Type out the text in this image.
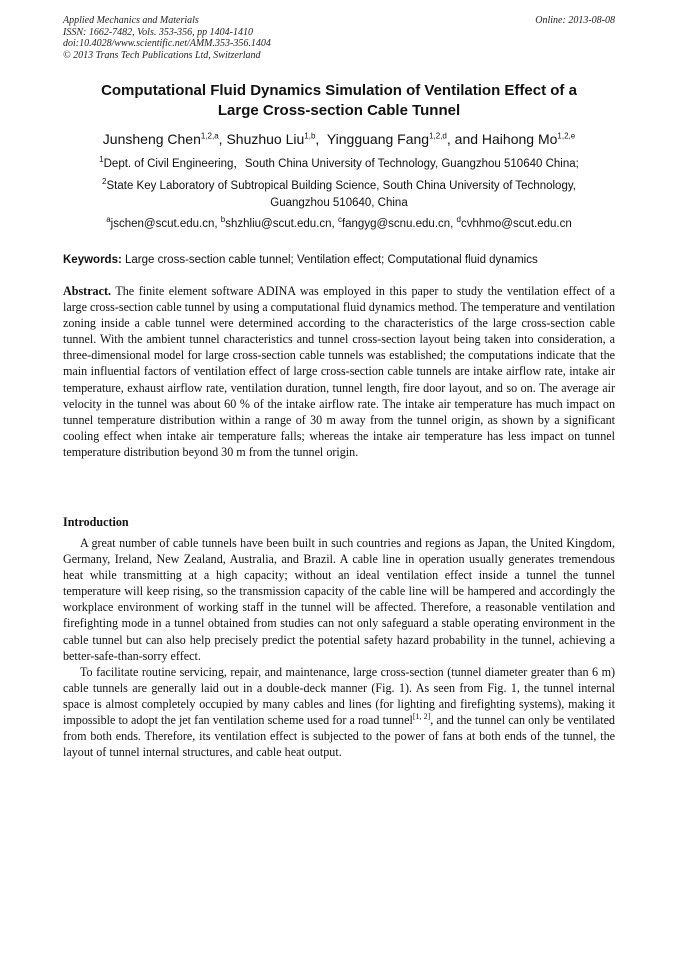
Applied Mechanics and Materials
ISSN: 1662-7482, Vols. 353-356, pp 1404-1410
doi:10.4028/www.scientific.net/AMM.353-356.1404
© 2013 Trans Tech Publications Ltd, Switzerland
Online: 2013-08-08
Computational Fluid Dynamics Simulation of Ventilation Effect of a
Large Cross-section Cable Tunnel
Junsheng Chen$^{1,2,a}$, Shuzhuo Liu$^{1,b}$,  Yingguang Fang$^{1,2,d}$, and Haihong Mo$^{1,2,e}$
$^1$Dept. of Civil Engineering，South China University of Technology, Guangzhou 510640 China;
$^2$State Key Laboratory of Subtropical Building Science, South China University of Technology,
Guangzhou 510640, China
$^a$jschen@scut.edu.cn, $^b$shzhliu@scut.edu.cn, $^c$fangyg@scnu.edu.cn, $^d$cvhhmo@scut.edu.cn
Keywords: Large cross-section cable tunnel; Ventilation effect; Computational fluid dynamics
Abstract. The finite element software ADINA was employed in this paper to study the ventilation effect of a large cross-section cable tunnel by using a computational fluid dynamics method. The temperature and ventilation zoning inside a cable tunnel were determined according to the characteristics of the large cross-section cable tunnel. With the ambient tunnel characteristics and tunnel cross-section layout being taken into consideration, a three-dimensional model for large cross-section cable tunnels was established; the computations indicate that the main influential factors of ventilation effect of large cross-section cable tunnels are intake airflow rate, intake air temperature, exhaust airflow rate, ventilation duration, tunnel length, fire door layout, and so on. The average air velocity in the tunnel was about 60 % of the intake airflow rate. The intake air temperature has much impact on tunnel temperature distribution within a range of 30 m away from the tunnel origin, as shown by a significant cooling effect when intake air temperature falls; whereas the intake air temperature has less impact on tunnel temperature distribution beyond 30 m from the tunnel origin.
Introduction

A great number of cable tunnels have been built in such countries and regions as Japan, the United Kingdom, Germany, Ireland, New Zealand, Australia, and Brazil. A cable line in operation usually generates tremendous heat while transmitting at a high capacity; without an ideal ventilation effect inside a tunnel the tunnel temperature will keep rising, so the transmission capacity of the cable line will be hampered and accordingly the workplace environment of working staff in the tunnel will be affected. Therefore, a reasonable ventilation and firefighting mode in a tunnel obtained from studies can not only safeguard a stable operating environment in the cable tunnel but can also help precisely predict the potential safety hazard probability in the tunnel, achieving a better-safe-than-sorry effect.

To facilitate routine servicing, repair, and maintenance, large cross-section (tunnel diameter greater than 6 m) cable tunnels are generally laid out in a double-deck manner (Fig. 1). As seen from Fig. 1, the tunnel internal space is almost completely occupied by many cables and lines (for lighting and firefighting systems), making it impossible to adopt the jet fan ventilation scheme used for a road tunnel[1, 2], and the tunnel can only be ventilated from both ends. Therefore, its ventilation effect is subjected to the power of fans at both ends of the tunnel, the layout of tunnel internal structures, and cable heat output.
